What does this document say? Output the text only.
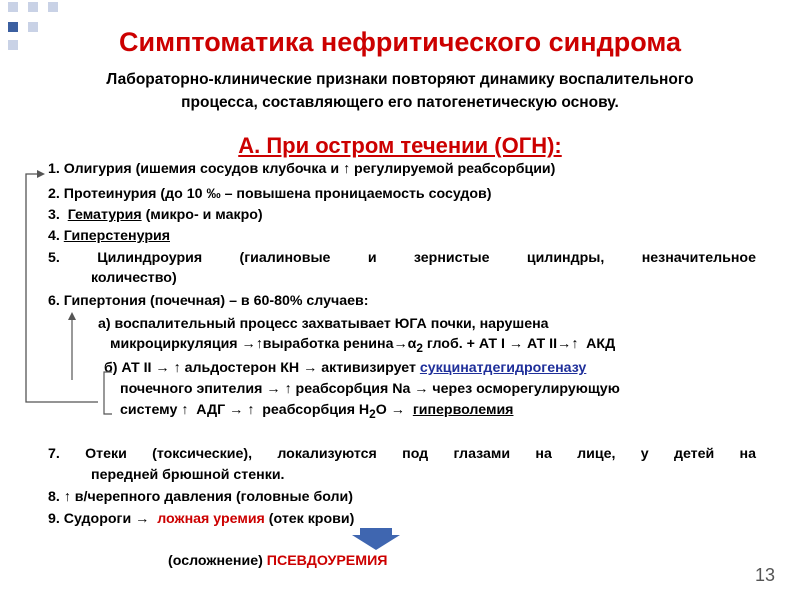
Симптоматика нефритического синдрома
Лабораторно-клинические признаки повторяют динамику воспалительного
процесса, составляющего его патогенетическую основу.
А. При остром течении (ОГН):
1. Олигурия (ишемия сосудов клубочка и ↑ регулируемой реабсорбции)
2. Протеинурия (до 10 ‰ – повышена проницаемость сосудов)
3.  Гематурия (микро- и макро)
4. Гиперстенурия
5. Цилиндроурия (гиалиновые и зернистые цилиндры, незначительное
количество)
6. Гипертония (почечная) – в 60-80% случаев:
а) воспалительный процесс захватывает ЮГА почки, нарушена
микроциркуляция →↑выработка $ренина\to\alpha_2$ глоб. + АТ I → АТ II→↑  АКД
б) АТ II → ↑ альдостерон КН → активизирует сукцинатдегидрогеназу
почечного эпителия → ↑ реабсорбция Na → через осморегулирующую
систему ↑  АДГ → ↑  реабсорбция $Н_2О$ →  гиперволемия
7. Отеки (токсические), локализуются под глазами на лице, у детей на
передней брюшной стенки.
8. ↑ в/черепного давления (головные боли)
9. Судороги →  ложная уремия (отек крови)
(осложнение) ПСЕВДОУРЕМИЯ
13
